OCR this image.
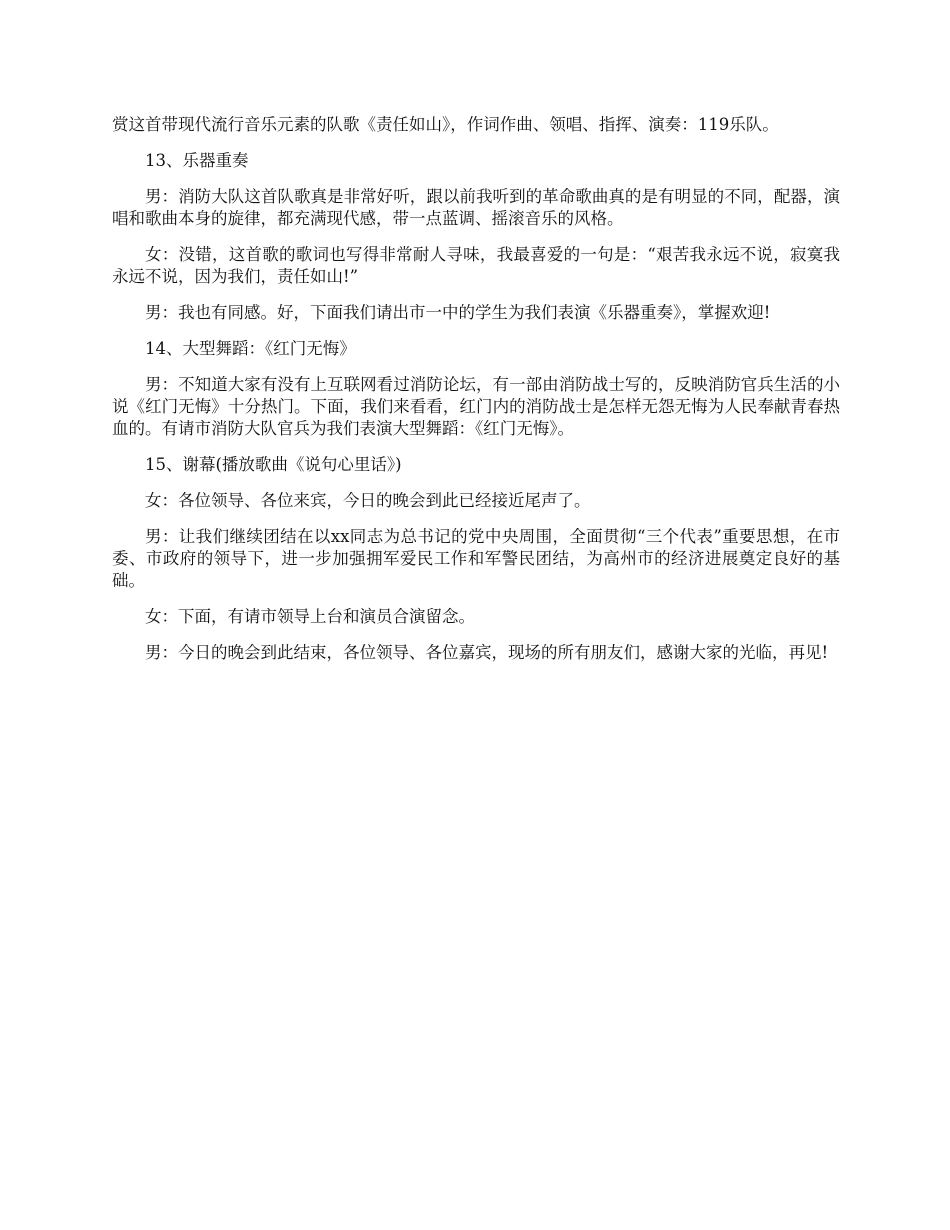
赏这首带现代流行音乐元素的队歌《责任如山》，作词作曲、领唱、指挥、演奏：119乐队。

13、乐器重奏

男：消防大队这首队歌真是非常好听，跟以前我听到的革命歌曲真的是有明显的不同，配器，演唱和歌曲本身的旋律，都充满现代感，带一点蓝调、摇滚音乐的风格。

女：没错，这首歌的歌词也写得非常耐人寻味，我最喜爱的一句是：“艰苦我永远不说，寂寞我永远不说，因为我们，责任如山!”

男：我也有同感。好，下面我们请出市一中的学生为我们表演《乐器重奏》，掌握欢迎!

14、大型舞蹈：《红门无悔》

男：不知道大家有没有上互联网看过消防论坛，有一部由消防战士写的，反映消防官兵生活的小说《红门无悔》十分热门。下面，我们来看看，红门内的消防战士是怎样无怨无悔为人民奉献青春热血的。有请市消防大队官兵为我们表演大型舞蹈：《红门无悔》。

15、谢幕(播放歌曲《说句心里话》)

女：各位领导、各位来宾，今日的晚会到此已经接近尾声了。

男：让我们继续团结在以xx同志为总书记的党中央周围，全面贯彻“三个代表”重要思想，在市委、市政府的领导下，进一步加强拥军爱民工作和军警民团结，为高州市的经济进展奠定良好的基础。

女：下面，有请市领导上台和演员合演留念。

男：今日的晚会到此结束，各位领导、各位嘉宾，现场的所有朋友们，感谢大家的光临，再见!
